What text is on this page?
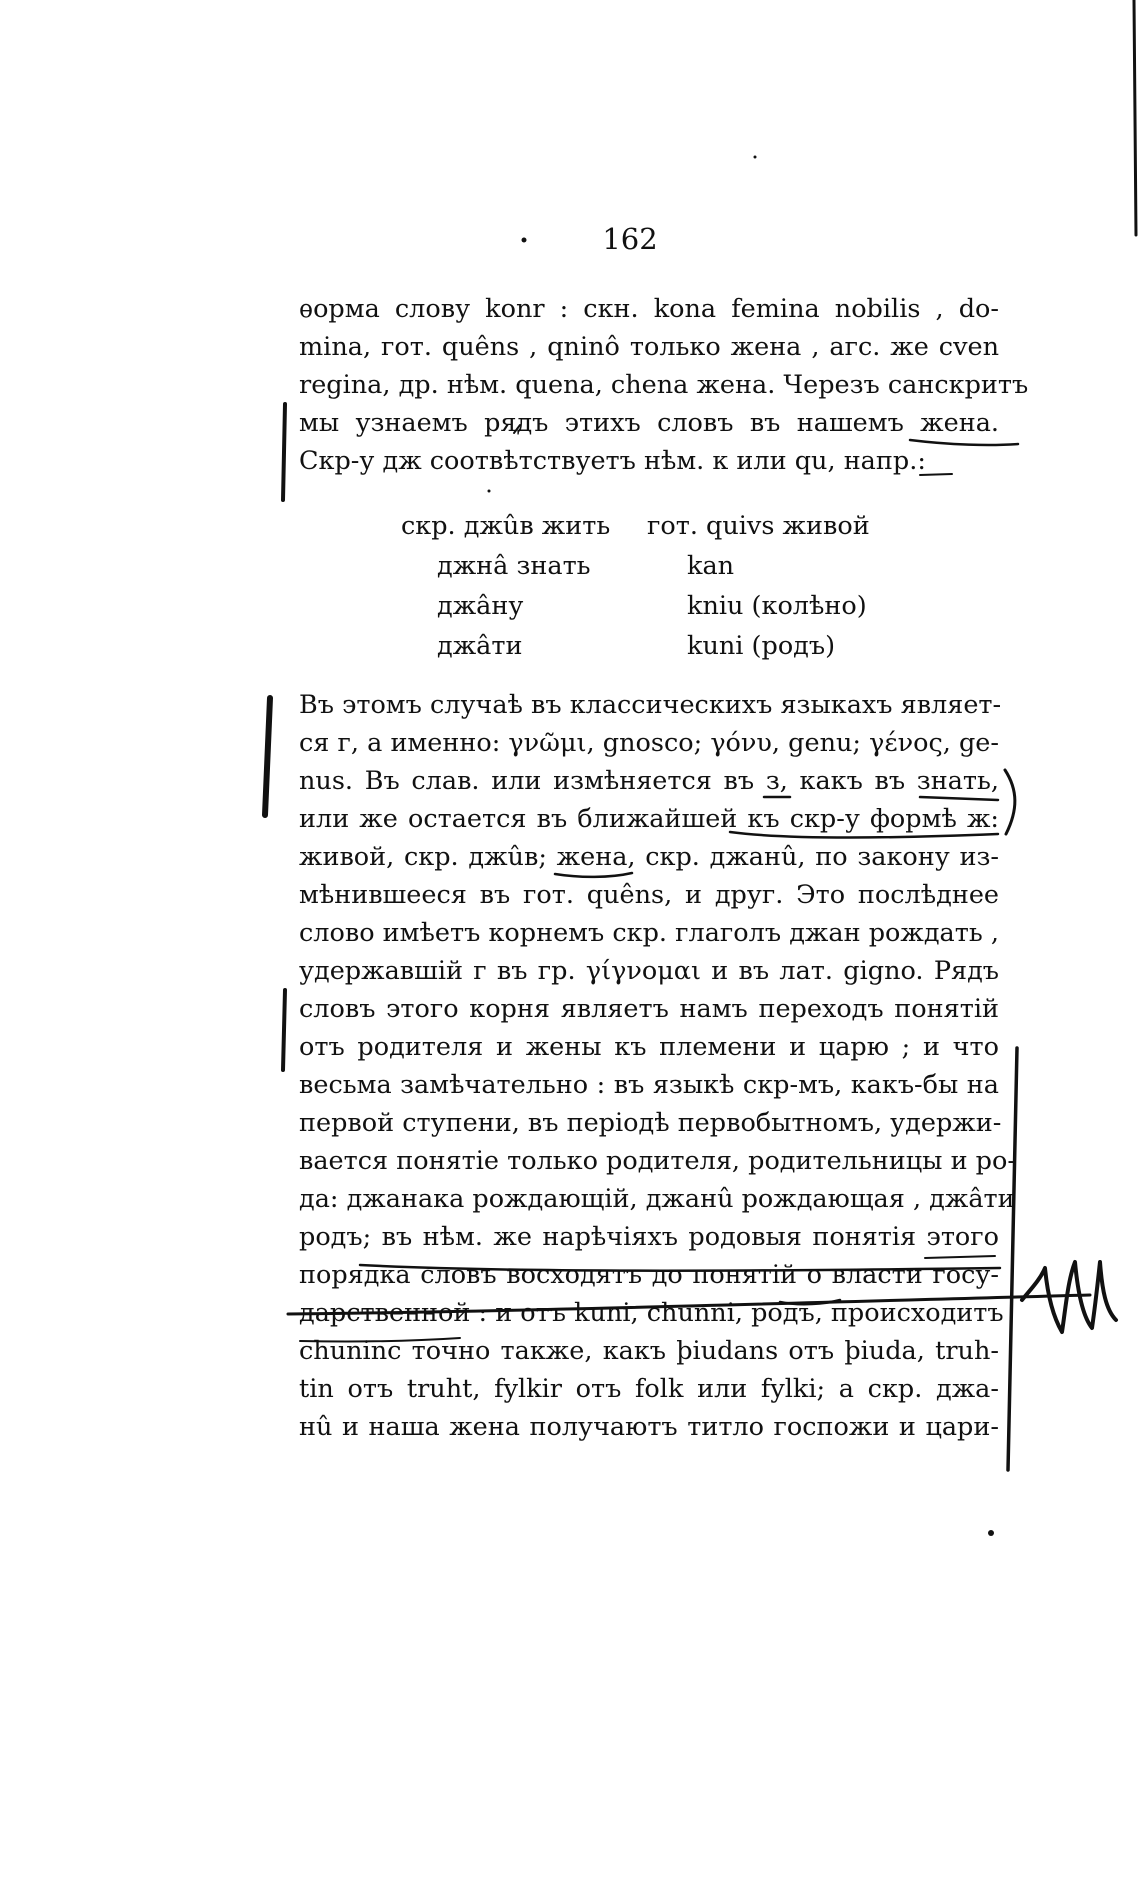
162
ѳорма слову konr : скн. kona femina nobilis , do-
mina, гот. quêns , qninô только жена , агс. же cven
regina, др. нѣм. quena, chena жена. Черезъ санскритъ
мы узнаемъ рядъ этихъ словъ въ нашемъ жена.
Скр-у дж соотвѣтствуетъ нѣм. к или qu, напр.:
скр. джûв жить
джнâ знать
джâну
джâти
гот. quivs живой
kan
kniu (колѣно)
kuni (родъ)
Въ этомъ случаѣ въ классическихъ языкахъ являет-
ся г, а именно: γνῶμι, gnosco; γόνυ, genu; γένος, ge-
nus. Въ слав. или измѣняется въ з, какъ въ знать,
или же остается въ ближайшей къ скр-у формѣ ж:
живой, скр. джûв; жена, скр. джанû, по закону из-
мѣнившееся въ гот. quêns, и друг. Это послѣднее
слово имѣетъ корнемъ скр. глаголъ джан рождать ,
удержавшій г въ гр. γίγνομαι и въ лат. gigno. Рядъ
словъ этого корня являетъ намъ переходъ понятій
отъ родителя и жены къ племени и царю ; и что
весьма замѣчательно : въ языкѣ скр-мъ, какъ-бы на
первой ступени, въ періодѣ первобытномъ, удержи-
вается понятіе только родителя, родительницы и ро-
да: джанака рождающій, джанû рождающая , джâти
родъ; въ нѣм. же нарѣчіяхъ родовыя понятія этого
порядка словъ восходятъ до понятій о власти госу-
дарственной : и отъ kuni, chunni, родъ, происходитъ
chuninc точно также, какъ þiudans отъ þiuda, truh-
tin отъ truht, fylkir отъ folk или fylki; а скр. джа-
нû и наша жена получаютъ титло госпожи и цари-
